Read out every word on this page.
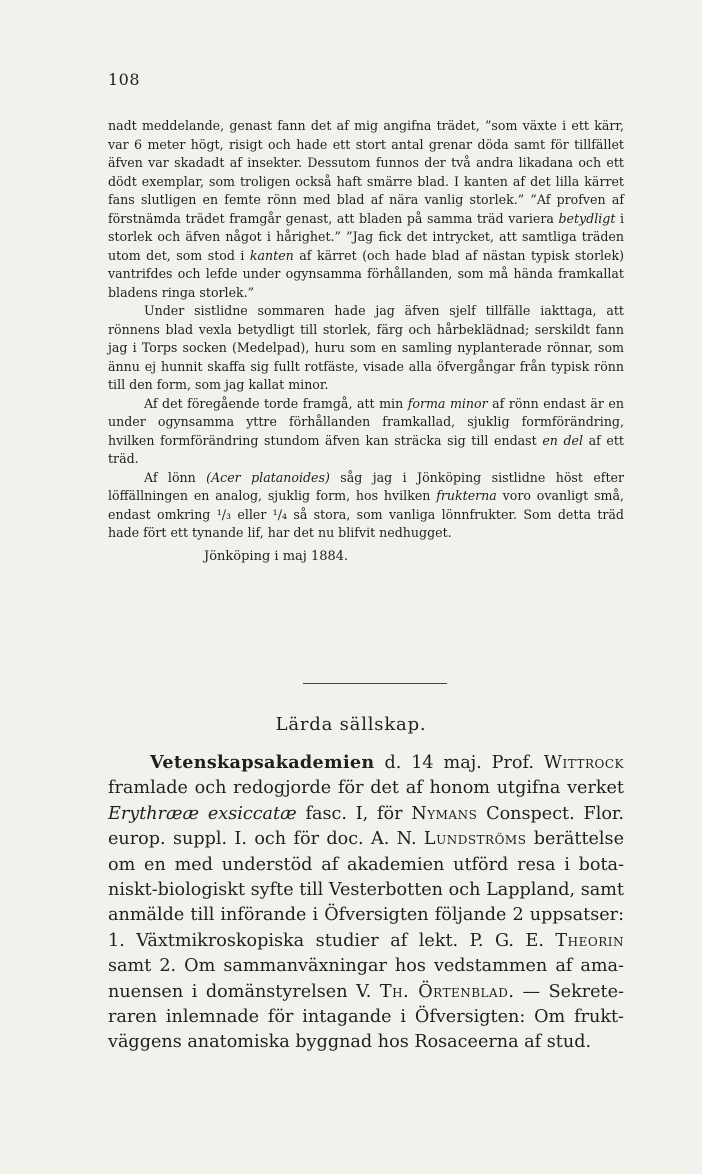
108

nadt meddelande, genast fann det af mig angifna trädet, ”som växte i ett kärr, var 6 meter högt, risigt och hade ett stort antal grenar döda samt för tillfället äfven var skadadt af insekter. Dessutom funnos der två andra likadana och ett dödt exemplar, som troligen också haft smärre blad. I kanten af det lilla kärret fans slutligen en femte rönn med blad af nära vanlig storlek.” ”Af profven af förstnämda trädet framgår genast, att bladen på samma träd variera betydligt i storlek och äfven något i hårighet.” ”Jag fick det intrycket, att samtliga träden utom det, som stod i kanten af kärret (och hade blad af nästan typisk storlek) vantrifdes och lefde under ogynsamma förhållanden, som må hända framkallat bladens ringa storlek.”

Under sistlidne sommaren hade jag äfven sjelf tillfälle iakttaga, att rönnens blad vexla betydligt till storlek, färg och hårbeklädnad; serskildt fann jag i Torps socken (Medelpad), huru som en samling nyplanterade rönnar, som ännu ej hunnit skaffa sig fullt rotfäste, visade alla öfvergångar från typisk rönn till den form, som jag kallat minor.

Af det föregående torde framgå, att min forma minor af rönn endast är en under ogynsamma yttre förhållanden framkallad, sjuklig formförändring, hvilken formförändring stundom äfven kan sträcka sig till endast en del af ett träd.

Af lönn (Acer platanoides) såg jag i Jönköping sistlidne höst efter löffällningen en analog, sjuklig form, hos hvilken frukterna voro ovanligt små, endast omkring ¹/₃ eller ¹/₄ så stora, som vanliga lönnfrukter. Som detta träd hade fört ett tynande lif, har det nu blifvit nedhugget.

Jönköping i maj 1884.

Lärda sällskap.
Vetenskapsakademien d. 14 maj. Prof. Wittrock
framlade och redogjorde för det af honom utgifna verket
Erythrææ exsiccatæ fasc. I, för Nymans Conspect. Flor.
europ. suppl. I. och för doc. A. N. Lundströms berättelse
om en med understöd af akademien utförd resa i bota-
niskt-biologiskt syfte till Vesterbotten och Lappland, samt
anmälde till införande i Öfversigten följande 2 uppsatser:
1. Växtmikroskopiska studier af lekt. P. G. E. Theorin
samt 2. Om sammanväxningar hos vedstammen af ama-
nuensen i domänstyrelsen V. Th. Örtenblad. — Sekrete-
raren inlemnade för intagande i Öfversigten: Om frukt-
väggens anatomiska byggnad hos Rosaceerna af stud.
